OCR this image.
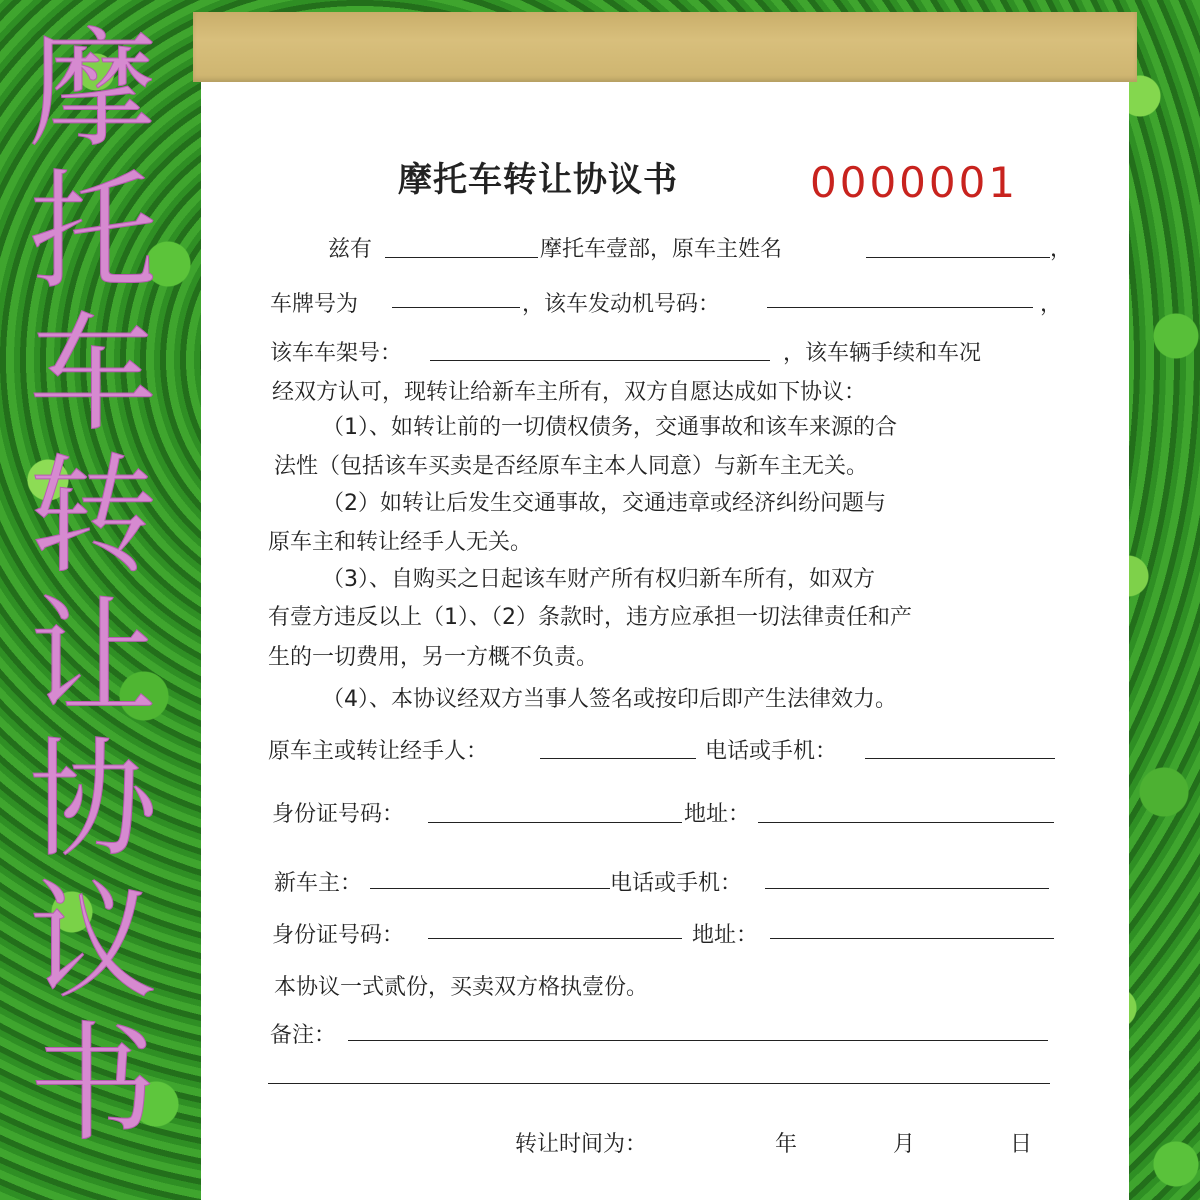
摩
托
车
转
让
协
议
书
摩托车转让协议书	0000001
兹有	摩托车壹部，原车主姓名	，
车牌号为	，该车发动机号码：	，
该车车架号：	，该车辆手续和车况
经双方认可，现转让给新车主所有，双方自愿达成如下协议：
（1）、如转让前的一切债权债务，交通事故和该车来源的合
法性（包括该车买卖是否经原车主本人同意）与新车主无关。
（2）如转让后发生交通事故，交通违章或经济纠纷问题与
原车主和转让经手人无关。
（3）、自购买之日起该车财产所有权归新车所有，如双方
有壹方违反以上（1）、（2）条款时，违方应承担一切法律责任和产
生的一切费用，另一方概不负责。
（4）、本协议经双方当事人签名或按印后即产生法律效力。
原车主或转让经手人：	电话或手机：
身份证号码：	地址：
新车主：	电话或手机：
身份证号码：	地址：
本协议一式贰份，买卖双方格执壹份。
备注：
转让时间为：	年	月	日
